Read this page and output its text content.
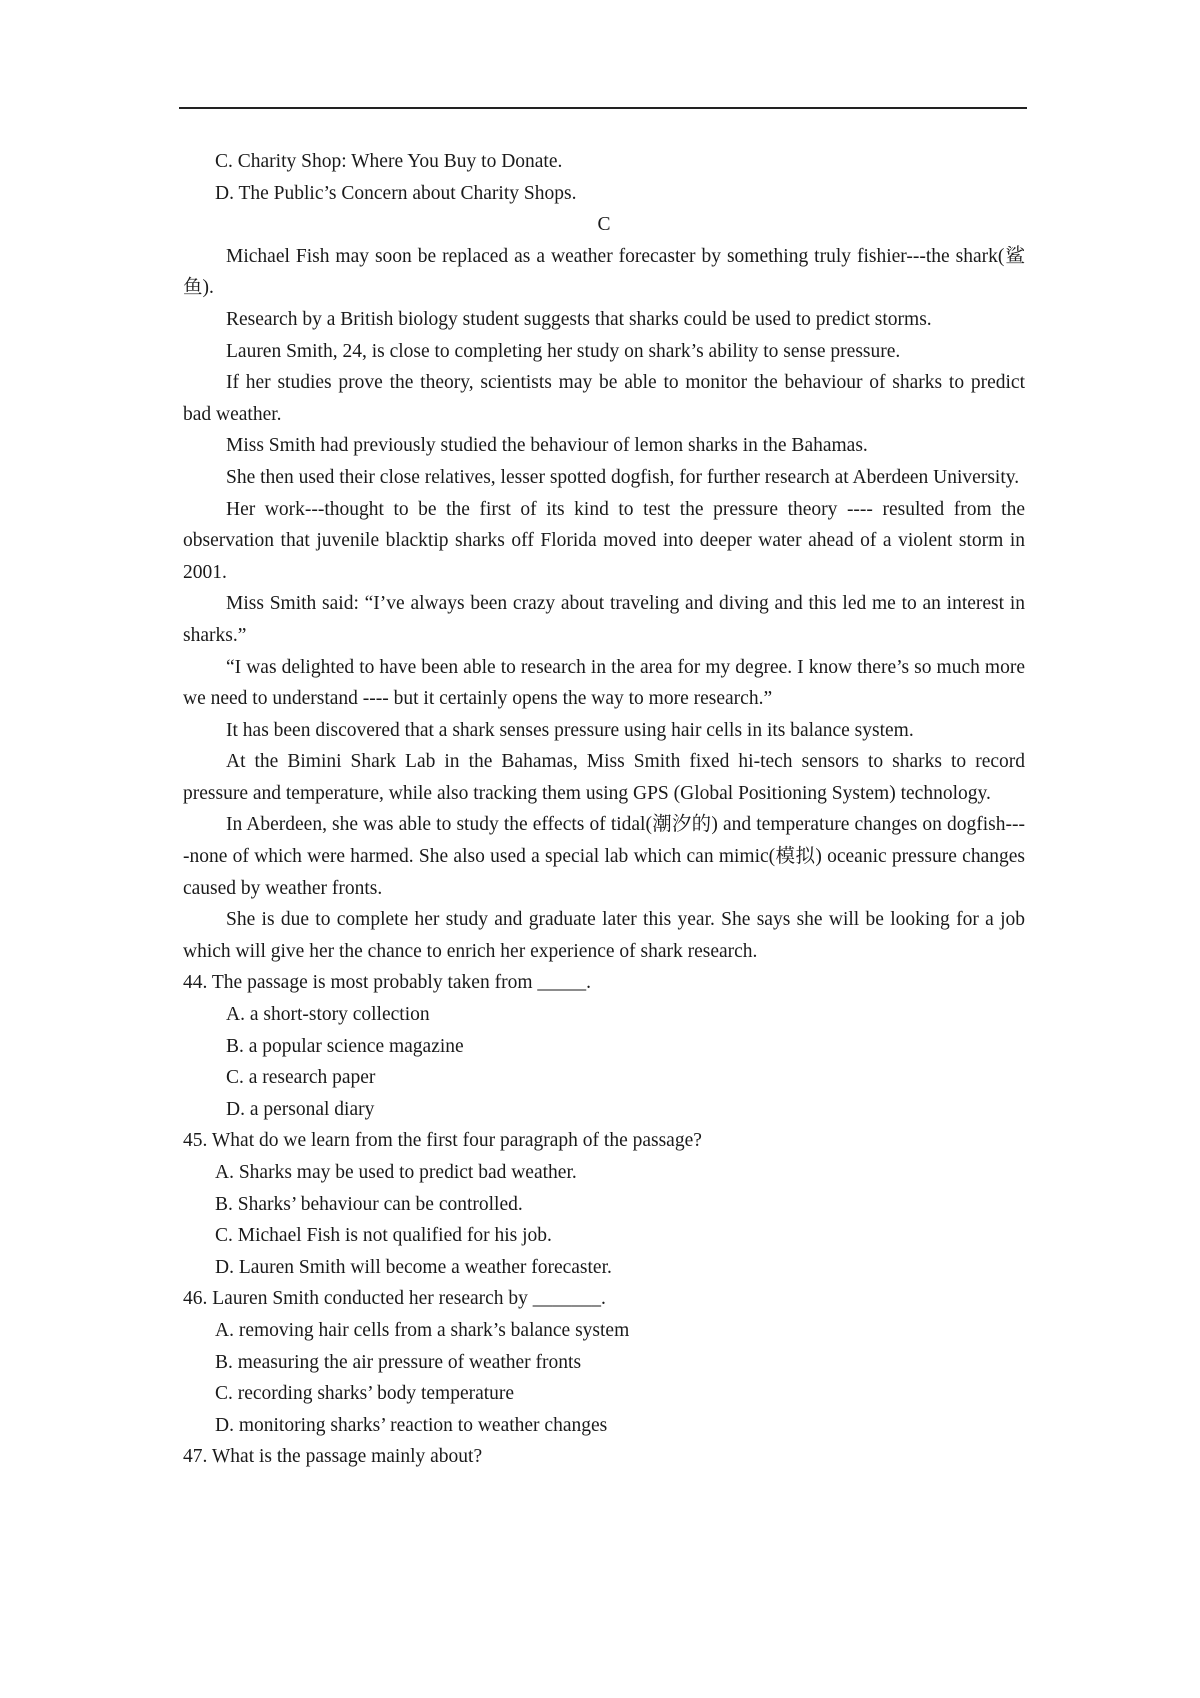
C. Charity Shop: Where You Buy to Donate.
D. The Public’s Concern about Charity Shops.
C
Michael Fish may soon be replaced as a weather forecaster by something truly fishier---the shark(鲨鱼).
Research by a British biology student suggests that sharks could be used to predict storms.
Lauren Smith, 24, is close to completing her study on shark’s ability to sense pressure.
If her studies prove the theory, scientists may be able to monitor the behaviour of sharks to predict bad weather.
Miss Smith had previously studied the behaviour of lemon sharks in the Bahamas.
She then used their close relatives, lesser spotted dogfish, for further research at Aberdeen University.
Her work---thought to be the first of its kind to test the pressure theory ---- resulted from the observation that juvenile blacktip sharks off Florida moved into deeper water ahead of a violent storm in 2001.
Miss Smith said: “I’ve always been crazy about traveling and diving and this led me to an interest in sharks.”
“I was delighted to have been able to research in the area for my degree. I know there’s so much more we need to understand ---- but it certainly opens the way to more research.”
It has been discovered that a shark senses pressure using hair cells in its balance system.
At the Bimini Shark Lab in the Bahamas, Miss Smith fixed hi-tech sensors to sharks to record pressure and temperature, while also tracking them using GPS (Global Positioning System) technology.
In Aberdeen, she was able to study the effects of tidal(潮汐的) and temperature changes on dogfish----none of which were harmed. She also used a special lab which can mimic(模拟) oceanic pressure changes caused by weather fronts.
She is due to complete her study and graduate later this year. She says she will be looking for a job which will give her the chance to enrich her experience of shark research.
44. The passage is most probably taken from _____.
A. a short-story collection
B. a popular science magazine
C. a research paper
D. a personal diary
45. What do we learn from the first four paragraph of the passage?
A. Sharks may be used to predict bad weather.
B. Sharks’ behaviour can be controlled.
C. Michael Fish is not qualified for his job.
D. Lauren Smith will become a weather forecaster.
46. Lauren Smith conducted her research by _______.
A. removing hair cells from a shark’s balance system
B. measuring the air pressure of weather fronts
C. recording sharks’ body temperature
D. monitoring sharks’ reaction to weather changes
47. What is the passage mainly about?
